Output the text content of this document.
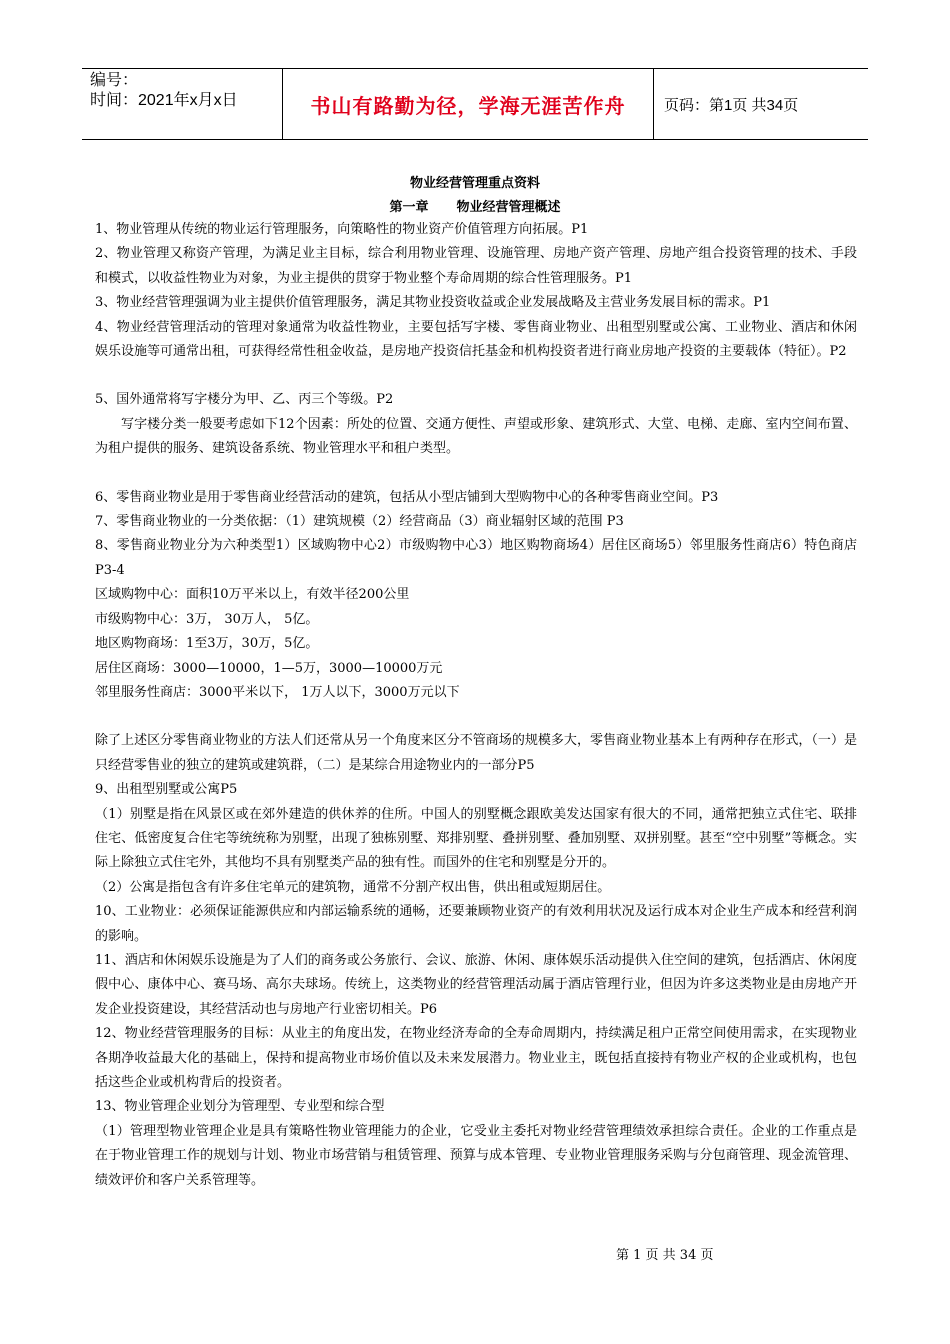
编号：
时间：2021年x月x日	书山有路勤为径，学海无涯苦作舟	页码：第1页 共34页
物业经营管理重点资料
第一章 物业经营管理概述

1、物业管理从传统的物业运行管理服务，向策略性的物业资产价值管理方向拓展。P1

2、物业管理又称资产管理，为满足业主目标，综合利用物业管理、设施管理、房地产资产管理、房地产组合投资管理的技术、手段和模式，以收益性物业为对象，为业主提供的贯穿于物业整个寿命周期的综合性管理服务。P1

3、物业经营管理强调为业主提供价值管理服务，满足其物业投资收益或企业发展战略及主营业务发展目标的需求。P1

4、物业经营管理活动的管理对象通常为收益性物业，主要包括写字楼、零售商业物业、出租型别墅或公寓、工业物业、酒店和休闲娱乐设施等可通常出租，可获得经常性租金收益，是房地产投资信托基金和机构投资者进行商业房地产投资的主要载体（特征）。P2

5、国外通常将写字楼分为甲、乙、丙三个等级。P2

写字楼分类一般要考虑如下12个因素：所处的位置、交通方便性、声望或形象、建筑形式、大堂、电梯、走廊、室内空间布置、为租户提供的服务、建筑设备系统、物业管理水平和租户类型。

6、零售商业物业是用于零售商业经营活动的建筑，包括从小型店铺到大型购物中心的各种零售商业空间。P3

7、零售商业物业的一分类依据：（1）建筑规模（2）经营商品（3）商业辐射区域的范围 P3

8、零售商业物业分为六种类型1）区域购物中心2）市级购物中心3）地区购物商场4）居住区商场5）邻里服务性商店6）特色商店P3-4

区域购物中心：面积10万平米以上，有效半径200公里

市级购物中心：3万， 30万人， 5亿。

地区购物商场：1至3万，30万，5亿。

居住区商场：3000—10000，1—5万，3000—10000万元

邻里服务性商店：3000平米以下， 1万人以下，3000万元以下

除了上述区分零售商业物业的方法人们还常从另一个角度来区分不管商场的规模多大，零售商业物业基本上有两种存在形式，（一）是只经营零售业的独立的建筑或建筑群，（二）是某综合用途物业内的一部分P5

9、出租型别墅或公寓P5

（1）别墅是指在风景区或在郊外建造的供休养的住所。中国人的别墅概念跟欧美发达国家有很大的不同，通常把独立式住宅、联排住宅、低密度复合住宅等统统称为别墅，出现了独栋别墅、郑排别墅、叠拼别墅、叠加别墅、双拼别墅。甚至“空中别墅”等概念。实际上除独立式住宅外，其他均不具有别墅类产品的独有性。而国外的住宅和别墅是分开的。

（2）公寓是指包含有许多住宅单元的建筑物，通常不分割产权出售，供出租或短期居住。

10、工业物业：必须保证能源供应和内部运输系统的通畅，还要兼顾物业资产的有效利用状况及运行成本对企业生产成本和经营利润的影响。

11、酒店和休闲娱乐设施是为了人们的商务或公务旅行、会议、旅游、休闲、康体娱乐活动提供入住空间的建筑，包括酒店、休闲度假中心、康体中心、赛马场、高尔夫球场。传统上，这类物业的经营管理活动属于酒店管理行业，但因为许多这类物业是由房地产开发企业投资建设，其经营活动也与房地产行业密切相关。P6

12、物业经营管理服务的目标：从业主的角度出发，在物业经济寿命的全寿命周期内，持续满足租户正常空间使用需求，在实现物业各期净收益最大化的基础上，保持和提高物业市场价值以及未来发展潜力。物业业主，既包括直接持有物业产权的企业或机构，也包括这些企业或机构背后的投资者。

13、物业管理企业划分为管理型、专业型和综合型

（1）管理型物业管理企业是具有策略性物业管理能力的企业，它受业主委托对物业经营管理绩效承担综合责任。企业的工作重点是在于物业管理工作的规划与计划、物业市场营销与租赁管理、预算与成本管理、专业物业管理服务采购与分包商管理、现金流管理、绩效评价和客户关系管理等。

第 1 页 共 34 页
